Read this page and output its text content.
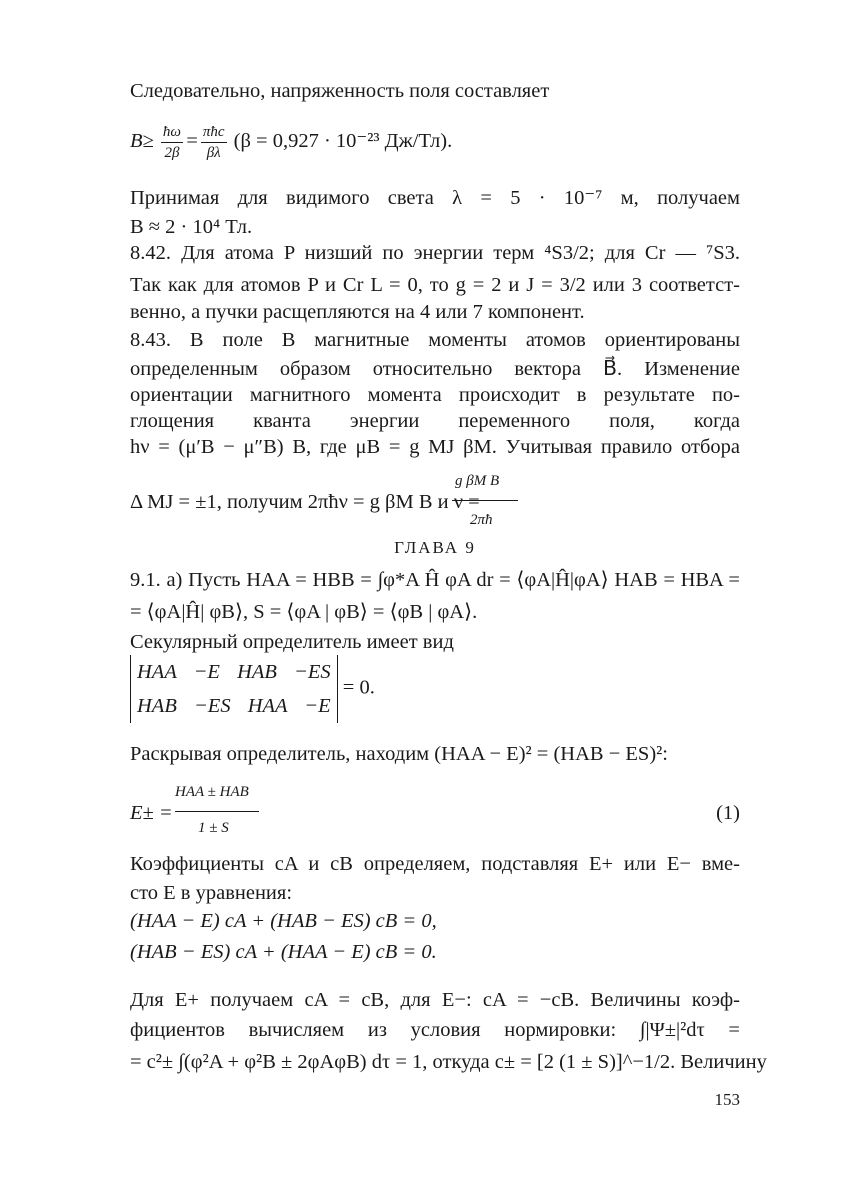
Следовательно, напряженность поля составляет
$B\ge \frac{ħ\omega}{2\beta} = \frac{\text{πħc}}{\beta\lambda} (\beta = 0,927 \cdot 10^{-23}$ Дж/Тл).
Принимая для видимого света λ = 5 · 10⁻⁷ м, получаем
B ≈ 2 · 10⁴ Тл.
8.42. Для атома P низший по энергии терм ⁴S3/2; для Cr — ⁷S3.
Так как для атомов P и Cr L = 0, то g = 2 и J = 3/2 или 3 соответст-
венно, а пучки расщепляются на 4 или 7 компонент.
8.43. В поле B магнитные моменты атомов ориентированы
определенным образом относительно вектора B⃗. Изменение
ориентации магнитного момента происходит в результате по-
глощения кванта энергии переменного поля, когда
hν = (μ′B − μ″B) B, где μB = g MJ βM. Учитывая правило отбора
g βM B
Δ MJ = ±1, получим 2πħν = g βM B и ν =
2πħ
ГЛАВА 9
9.1. а) Пусть HAA = HBB = ∫φ*A Ĥ φA dr = ⟨φA|Ĥ|φA⟩ HAB = HBA =
= ⟨φA|Ĥ| φB⟩, S = ⟨φA | φB⟩ = ⟨φB | φA⟩.
Секулярный определитель имеет вид
HAA −E HAB −ES
HAB −ES HAA −E
= 0.
Раскрывая определитель, находим (HAA − E)² = (HAB − ES)²:
HAA ± HAB
E± =
1 ± S
(1)
Коэффициенты cA и cB определяем, подставляя E+ или E− вме-
сто E в уравнения:
(HAA − E) cA + (HAB − ES) cB = 0,
(HAB − ES) cA + (HAA − E) cB = 0.
Для E+ получаем cA = cB, для E−: cA = −cB. Величины коэф-
фициентов вычисляем из условия нормировки: ∫|Ψ±|²dτ =
= c²± ∫(φ²A + φ²B ± 2φAφB) dτ = 1, откуда c± = [2 (1 ± S)]^−1/2. Величину
153
